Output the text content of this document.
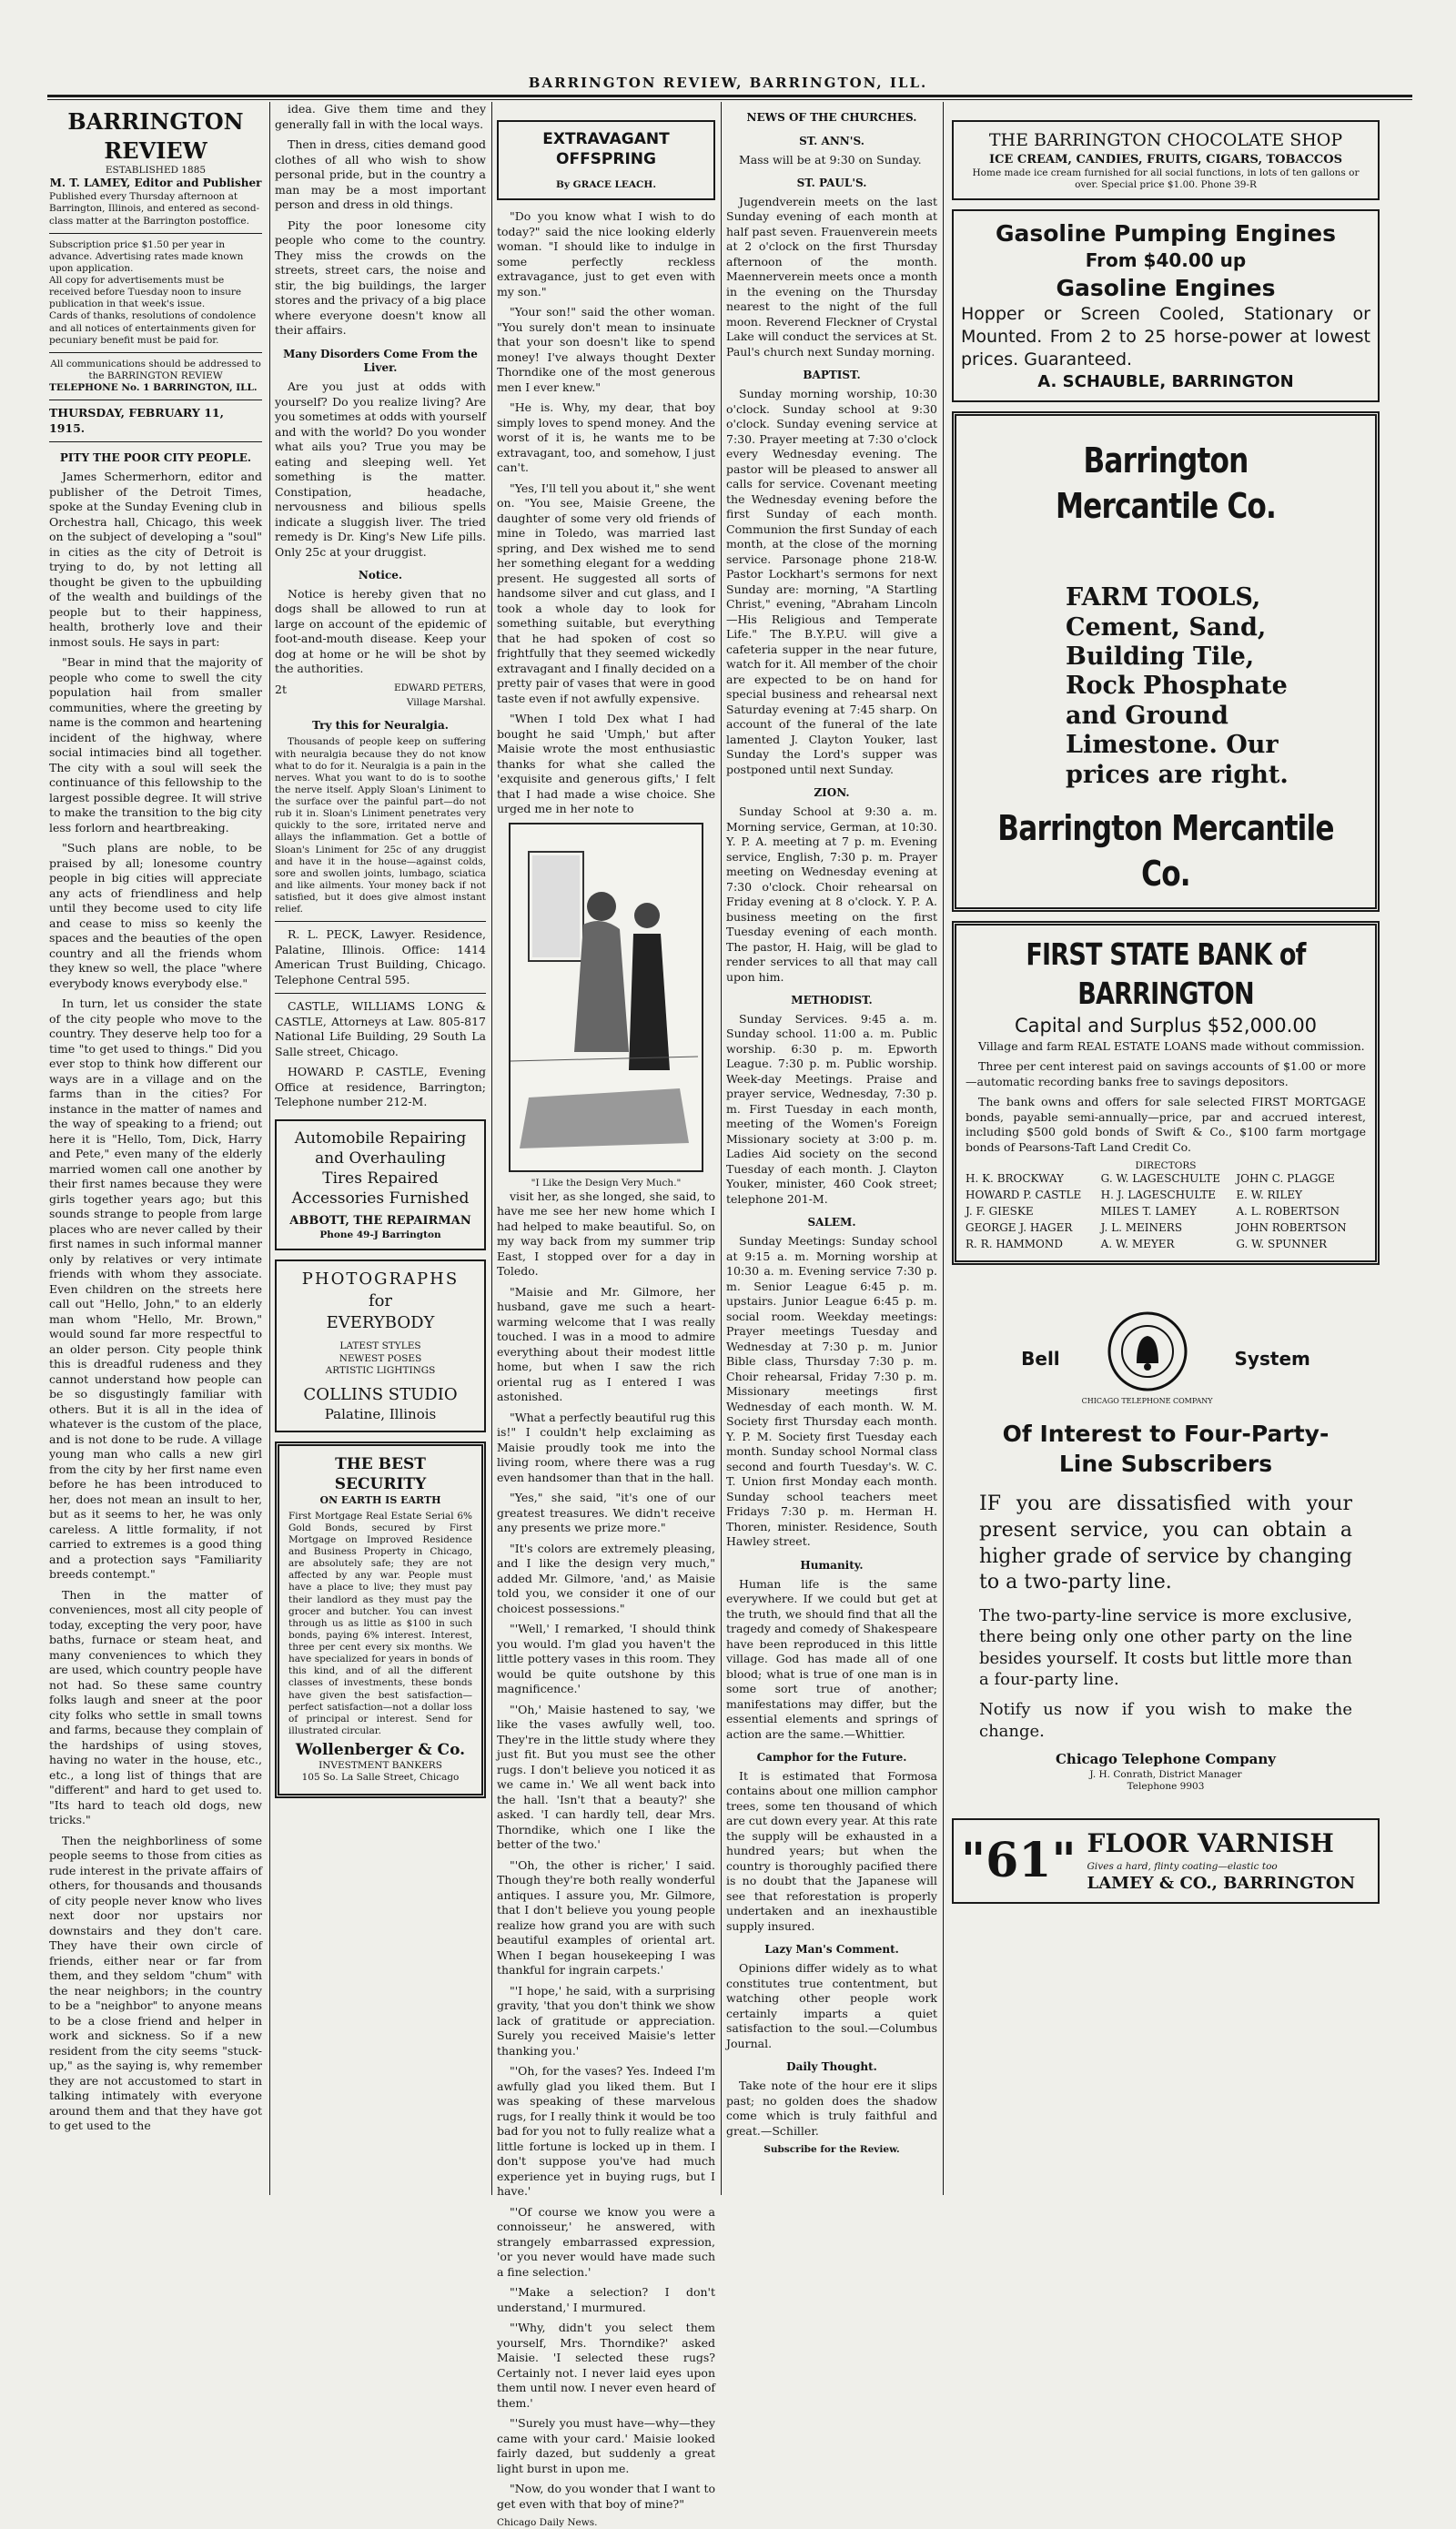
BARRINGTON REVIEW, BARRINGTON, ILL.
BARRINGTON REVIEW
ESTABLISHED 1885
M. T. LAMEY, Editor and Publisher
Published every Thursday afternoon at Barrington, Illinois, and entered as second-class matter at the Barrington postoffice.
Subscription price $1.50 per year in advance. Advertising rates made known upon application.
All copy for advertisements must be received before Tuesday noon to insure publication in that week's issue.
Cards of thanks, resolutions of condolence and all notices of entertainments given for pecuniary benefit must be paid for.
All communications should be addressed to the BARRINGTON REVIEW
TELEPHONE No. 1 BARRINGTON, ILL.
THURSDAY, FEBRUARY 11, 1915.
PITY THE POOR CITY PEOPLE.

James Schermerhorn, editor and publisher of the Detroit Times, spoke at the Sunday Evening club in Orchestra hall, Chicago, this week on the subject of developing a "soul" in cities as the city of Detroit is trying to do, by not letting all thought be given to the upbuilding of the wealth and buildings of the people but to their happiness, health, brotherly love and their inmost souls. He says in part:

"Bear in mind that the majority of people who come to swell the city population hail from smaller communities, where the greeting by name is the common and heartening incident of the highway, where social intimacies bind all together. The city with a soul will seek the continuance of this fellowship to the largest possible degree. It will strive to make the transition to the big city less forlorn and heartbreaking.

"Such plans are noble, to be praised by all; lonesome country people in big cities will appreciate any acts of friendliness and help until they become used to city life and cease to miss so keenly the spaces and the beauties of the open country and all the friends whom they knew so well, the place "where everybody knows everybody else."

In turn, let us consider the state of the city people who move to the country. They deserve help too for a time "to get used to things." Did you ever stop to think how different our ways are in a village and on the farms than in the cities? For instance in the matter of names and the way of speaking to a friend; out here it is "Hello, Tom, Dick, Harry and Pete," even many of the elderly married women call one another by their first names because they were girls together years ago; but this sounds strange to people from large places who are never called by their first names in such informal manner only by relatives or very intimate friends with whom they associate. Even children on the streets here call out "Hello, John," to an elderly man whom "Hello, Mr. Brown," would sound far more respectful to an older person. City people think this is dreadful rudeness and they cannot understand how people can be so disgustingly familiar with others. But it is all in the idea of whatever is the custom of the place, and is not done to be rude. A village young man who calls a new girl from the city by her first name even before he has been introduced to her, does not mean an insult to her, but as it seems to her, he was only careless. A little formality, if not carried to extremes is a good thing and a protection says "Familiarity breeds contempt."

Then in the matter of conveniences, most all city people of today, excepting the very poor, have baths, furnace or steam heat, and many conveniences to which they are used, which country people have not had. So these same country folks laugh and sneer at the poor city folks who settle in small towns and farms, because they complain of the hardships of using stoves, having no water in the house, etc., etc., a long list of things that are "different" and hard to get used to. "Its hard to teach old dogs, new tricks."

Then the neighborliness of some people seems to those from cities as rude interest in the private affairs of others, for thousands and thousands of city people never know who lives next door nor upstairs nor downstairs and they don't care. They have their own circle of friends, either near or far from them, and they seldom "chum" with the near neighbors; in the country to be a "neighbor" to anyone means to be a close friend and helper in work and sickness. So if a new resident from the city seems "stuck-up," as the saying is, why remember they are not accustomed to start in talking intimately with everyone around them and that they have got to get used to the

idea. Give them time and they generally fall in with the local ways.

Then in dress, cities demand good clothes of all who wish to show personal pride, but in the country a man may be a most important person and dress in old things.

Pity the poor lonesome city people who come to the country. They miss the crowds on the streets, street cars, the noise and stir, the big buildings, the larger stores and the privacy of a big place where everyone doesn't know all their affairs.

Many Disorders Come From the Liver.

Are you just at odds with yourself? Do you realize living? Are you sometimes at odds with yourself and with the world? Do you wonder what ails you? True you may be eating and sleeping well. Yet something is the matter. Constipation, headache, nervousness and bilious spells indicate a sluggish liver. The tried remedy is Dr. King's New Life pills. Only 25c at your druggist.

Notice.

Notice is hereby given that no dogs shall be allowed to run at large on account of the epidemic of foot-and-mouth disease. Keep your dog at home or he will be shot by the authorities.

2t	EDWARD PETERS,
Village Marshal.
Try this for Neuralgia.

Thousands of people keep on suffering with neuralgia because they do not know what to do for it. Neuralgia is a pain in the nerves. What you want to do is to soothe the nerve itself. Apply Sloan's Liniment to the surface over the painful part—do not rub it in. Sloan's Liniment penetrates very quickly to the sore, irritated nerve and allays the inflammation. Get a bottle of Sloan's Liniment for 25c of any druggist and have it in the house—against colds, sore and swollen joints, lumbago, sciatica and like ailments. Your money back if not satisfied, but it does give almost instant relief.

R. L. PECK, Lawyer. Residence, Palatine, Illinois. Office: 1414 American Trust Building, Chicago. Telephone Central 595.

CASTLE, WILLIAMS LONG & CASTLE, Attorneys at Law. 805-817 National Life Building, 29 South La Salle street, Chicago.

HOWARD P. CASTLE, Evening Office at residence, Barrington; Telephone number 212-M.

Automobile Repairing and Overhauling
Tires Repaired
Accessories Furnished
ABBOTT, THE REPAIRMAN
Phone 49-J Barrington
PHOTOGRAPHS
for
EVERYBODY
LATEST STYLES
NEWEST POSES
ARTISTIC LIGHTINGS
COLLINS STUDIO
Palatine, Illinois
THE BEST SECURITY
ON EARTH IS EARTH
First Mortgage Real Estate Serial 6% Gold Bonds, secured by First Mortgage on Improved Residence and Business Property in Chicago, are absolutely safe; they are not affected by any war. People must have a place to live; they must pay their landlord as they must pay the grocer and butcher. You can invest through us as little as $100 in such bonds, paying 6% interest. Interest, three per cent every six months. We have specialized for years in bonds of this kind, and of all the different classes of investments, these bonds have given the best satisfaction—perfect satisfaction—not a dollar loss of principal or interest. Send for illustrated circular.
Wollenberger & Co.
INVESTMENT BANKERS
105 So. La Salle Street, Chicago
EXTRAVAGANT OFFSPRING
By GRACE LEACH.

"Do you know what I wish to do today?" said the nice looking elderly woman. "I should like to indulge in some perfectly reckless extravagance, just to get even with my son."

"Your son!" said the other woman. "You surely don't mean to insinuate that your son doesn't like to spend money! I've always thought Dexter Thorndike one of the most generous men I ever knew."

"He is. Why, my dear, that boy simply loves to spend money. And the worst of it is, he wants me to be extravagant, too, and somehow, I just can't.

"Yes, I'll tell you about it," she went on. "You see, Maisie Greene, the daughter of some very old friends of mine in Toledo, was married last spring, and Dex wished me to send her something elegant for a wedding present. He suggested all sorts of handsome silver and cut glass, and I took a whole day to look for something suitable, but everything that he had spoken of cost so frightfully that they seemed wickedly extravagant and I finally decided on a pretty pair of vases that were in good taste even if not awfully expensive.

"When I told Dex what I had bought he said 'Umph,' but after Maisie wrote the most enthusiastic thanks for what she called the 'exquisite and generous gifts,' I felt that I had made a wise choice. She urged me in her note to

"I Like the Design Very Much."

visit her, as she longed, she said, to have me see her new home which I had helped to make beautiful. So, on my way back from my summer trip East, I stopped over for a day in Toledo.

"Maisie and Mr. Gilmore, her husband, gave me such a heart-warming welcome that I was really touched. I was in a mood to admire everything about their modest little home, but when I saw the rich oriental rug as I entered I was astonished.

"What a perfectly beautiful rug this is!" I couldn't help exclaiming as Maisie proudly took me into the living room, where there was a rug even handsomer than that in the hall.

"Yes," she said, "it's one of our greatest treasures. We didn't receive any presents we prize more."

"It's colors are extremely pleasing, and I like the design very much," added Mr. Gilmore, 'and,' as Maisie told you, we consider it one of our choicest possessions."

"'Well,' I remarked, 'I should think you would. I'm glad you haven't the little pottery vases in this room. They would be quite outshone by this magnificence.'

"'Oh,' Maisie hastened to say, 'we like the vases awfully well, too. They're in the little study where they just fit. But you must see the other rugs. I don't believe you noticed it as we came in.' We all went back into the hall. 'Isn't that a beauty?' she asked. 'I can hardly tell, dear Mrs. Thorndike, which one I like the better of the two.'

"'Oh, the other is richer,' I said. Though they're both really wonderful antiques. I assure you, Mr. Gilmore, that I don't believe you young people realize how grand you are with such beautiful examples of oriental art. When I began housekeeping I was thankful for ingrain carpets.'

"'I hope,' he said, with a surprising gravity, 'that you don't think we show lack of gratitude or appreciation. Surely you received Maisie's letter thanking you.'

"'Oh, for the vases? Yes. Indeed I'm awfully glad you liked them. But I was speaking of these marvelous rugs, for I really think it would be too bad for you not to fully realize what a little fortune is locked up in them. I don't suppose you've had much experience yet in buying rugs, but I have.'

"'Of course we know you were a connoisseur,' he answered, with strangely embarrassed expression, 'or you never would have made such a fine selection.'

"'Make a selection? I don't understand,' I murmured.

"'Why, didn't you select them yourself, Mrs. Thorndike?' asked Maisie. 'I selected these rugs? Certainly not. I never laid eyes upon them until now. I never even heard of them.'

"'Surely you must have—why—they came with your card.' Maisie looked fairly dazed, but suddenly a great light burst in upon me.

"Now, do you wonder that I want to get even with that boy of mine?"

Chicago Daily News.
NEWS OF THE CHURCHES.
ST. ANN'S.

Mass will be at 9:30 on Sunday.

ST. PAUL'S.

Jugendverein meets on the last Sunday evening of each month at half past seven. Frauenverein meets at 2 o'clock on the first Thursday afternoon of the month. Maennerverein meets once a month in the evening on the Thursday nearest to the night of the full moon. Reverend Fleckner of Crystal Lake will conduct the services at St. Paul's church next Sunday morning.

BAPTIST.

Sunday morning worship, 10:30 o'clock. Sunday school at 9:30 o'clock. Sunday evening service at 7:30. Prayer meeting at 7:30 o'clock every Wednesday evening. The pastor will be pleased to answer all calls for service. Covenant meeting the Wednesday evening before the first Sunday of each month. Communion the first Sunday of each month, at the close of the morning service. Parsonage phone 218-W. Pastor Lockhart's sermons for next Sunday are: morning, "A Startling Christ," evening, "Abraham Lincoln—His Religious and Temperate Life." The B.Y.P.U. will give a cafeteria supper in the near future, watch for it. All member of the choir are expected to be on hand for special business and rehearsal next Saturday evening at 7:45 sharp. On account of the funeral of the late lamented J. Clayton Youker, last Sunday the Lord's supper was postponed until next Sunday.

ZION.

Sunday School at 9:30 a. m. Morning service, German, at 10:30. Y. P. A. meeting at 7 p. m. Evening service, English, 7:30 p. m. Prayer meeting on Wednesday evening at 7:30 o'clock. Choir rehearsal on Friday evening at 8 o'clock. Y. P. A. business meeting on the first Tuesday evening of each month. The pastor, H. Haig, will be glad to render services to all that may call upon him.

METHODIST.

Sunday Services. 9:45 a. m. Sunday school. 11:00 a. m. Public worship. 6:30 p. m. Epworth League. 7:30 p. m. Public worship. Week-day Meetings. Praise and prayer service, Wednesday, 7:30 p. m. First Tuesday in each month, meeting of the Women's Foreign Missionary society at 3:00 p. m. Ladies Aid society on the second Tuesday of each month. J. Clayton Youker, minister, 460 Cook street; telephone 201-M.

SALEM.

Sunday Meetings: Sunday school at 9:15 a. m. Morning worship at 10:30 a. m. Evening service 7:30 p. m. Senior League 6:45 p. m. upstairs. Junior League 6:45 p. m. social room. Weekday meetings: Prayer meetings Tuesday and Wednesday at 7:30 p. m. Junior Bible class, Thursday 7:30 p. m. Choir rehearsal, Friday 7:30 p. m. Missionary meetings first Wednesday of each month. W. M. Society first Thursday each month. Y. P. M. Society first Tuesday each month. Sunday school Normal class second and fourth Tuesday's. W. C. T. Union first Monday each month. Sunday school teachers meet Fridays 7:30 p. m. Herman H. Thoren, minister. Residence, South Hawley street.

Humanity.

Human life is the same everywhere. If we could but get at the truth, we should find that all the tragedy and comedy of Shakespeare have been reproduced in this little village. God has made all of one blood; what is true of one man is in some sort true of another; manifestations may differ, but the essential elements and springs of action are the same.—Whittier.

Camphor for the Future.

It is estimated that Formosa contains about one million camphor trees, some ten thousand of which are cut down every year. At this rate the supply will be exhausted in a hundred years; but when the country is thoroughly pacified there is no doubt that the Japanese will see that reforestation is properly undertaken and an inexhaustible supply insured.

Lazy Man's Comment.

Opinions differ widely as to what constitutes true contentment, but watching other people work certainly imparts a quiet satisfaction to the soul.—Columbus Journal.

Daily Thought.

Take note of the hour ere it slips past; no golden does the shadow come which is truly faithful and great.—Schiller.

Subscribe for the Review.
THE BARRINGTON CHOCOLATE SHOP
ICE CREAM, CANDIES, FRUITS, CIGARS, TOBACCOS
Home made ice cream furnished for all social functions, in lots of ten gallons or over. Special price $1.00. Phone 39-R
Gasoline Pumping Engines
From $40.00 up
Gasoline Engines
Hopper or Screen Cooled, Stationary or Mounted. From 2 to 25 horse-power at lowest prices. Guaranteed.
A. SCHAUBLE, BARRINGTON
Barrington Mercantile Co.
FARM TOOLS, Cement, Sand, Building Tile, Rock Phosphate and Ground Limestone. Our prices are right.
Barrington Mercantile Co.
FIRST STATE BANK of BARRINGTON
Capital and Surplus $52,000.00

Village and farm REAL ESTATE LOANS made without commission.

Three per cent interest paid on savings accounts of $1.00 or more—automatic recording banks free to savings depositors.

The bank owns and offers for sale selected FIRST MORTGAGE bonds, payable semi-annually—price, par and accrued interest, including $500 gold bonds of Swift & Co., $100 farm mortgage bonds of Pearsons-Taft Land Credit Co.

DIRECTORS
H. K. BROCKWAY	G. W. LAGESCHULTE	JOHN C. PLAGGE
HOWARD P. CASTLE	H. J. LAGESCHULTE	E. W. RILEY
J. F. GIESKE	MILES T. LAMEY	A. L. ROBERTSON
GEORGE J. HAGER	J. L. MEINERS	JOHN ROBERTSON
R. R. HAMMOND	A. W. MEYER	G. W. SPUNNER
Bell
CHICAGO TELEPHONE COMPANY
System
Of Interest to Four-Party-Line Subscribers

IF you are dissatisfied with your present service, you can obtain a higher grade of service by changing to a two-party line.

The two-party-line service is more exclusive, there being only one other party on the line besides yourself. It costs but little more than a four-party line.

Notify us now if you wish to make the change.

Chicago Telephone Company
J. H. Conrath, District Manager
Telephone 9903
"61" FLOOR VARNISH
Gives a hard, flinty coating—elastic too
LAMEY & CO., BARRINGTON
